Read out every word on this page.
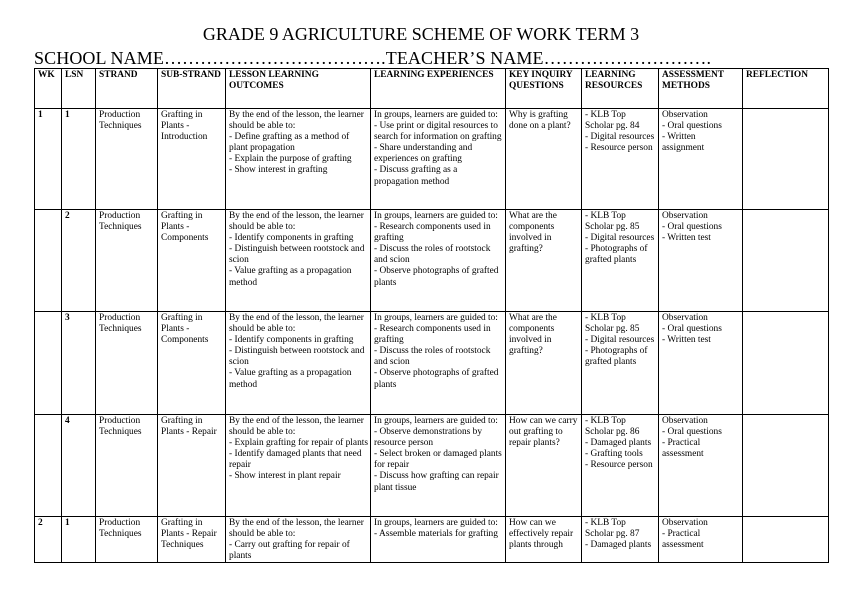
GRADE 9 AGRICULTURE SCHEME OF WORK TERM 3
SCHOOL NAME……………………………….TEACHER’S NAME……………………….
WK	LSN	STRAND	SUB-STRAND	LESSON LEARNING OUTCOMES	LEARNING EXPERIENCES	KEY INQUIRY QUESTIONS	LEARNING RESOURCES	ASSESSMENT METHODS	REFLECTION
1	1	Production Techniques	Grafting in Plants - Introduction	By the end of the lesson, the learner should be able to:
- Define grafting as a method of plant propagation
- Explain the purpose of grafting
- Show interest in grafting	In groups, learners are guided to:
- Use print or digital resources to search for information on grafting
- Share understanding and experiences on grafting
- Discuss grafting as a propagation method	Why is grafting done on a plant?	- KLB Top Scholar pg. 84
- Digital resources
- Resource person	Observation
- Oral questions
- Written assignment	
	2	Production Techniques	Grafting in Plants - Components	By the end of the lesson, the learner should be able to:
- Identify components in grafting
- Distinguish between rootstock and scion
- Value grafting as a propagation method	In groups, learners are guided to:
- Research components used in grafting
- Discuss the roles of rootstock and scion
- Observe photographs of grafted plants	What are the components involved in grafting?	- KLB Top Scholar pg. 85
- Digital resources
- Photographs of grafted plants	Observation
- Oral questions
- Written test	
	3	Production Techniques	Grafting in Plants - Components	By the end of the lesson, the learner should be able to:
- Identify components in grafting
- Distinguish between rootstock and scion
- Value grafting as a propagation method	In groups, learners are guided to:
- Research components used in grafting
- Discuss the roles of rootstock and scion
- Observe photographs of grafted plants	What are the components involved in grafting?	- KLB Top Scholar pg. 85
- Digital resources
- Photographs of grafted plants	Observation
- Oral questions
- Written test	
	4	Production Techniques	Grafting in Plants - Repair	By the end of the lesson, the learner should be able to:
- Explain grafting for repair of plants
- Identify damaged plants that need repair
- Show interest in plant repair	In groups, learners are guided to:
- Observe demonstrations by resource person
- Select broken or damaged plants for repair
- Discuss how grafting can repair plant tissue	How can we carry out grafting to repair plants?	- KLB Top Scholar pg. 86
- Damaged plants
- Grafting tools
- Resource person	Observation
- Oral questions
- Practical assessment	
2	1	Production Techniques	Grafting in Plants - Repair Techniques	By the end of the lesson, the learner should be able to:
- Carry out grafting for repair of plants	In groups, learners are guided to:
- Assemble materials for grafting	How can we effectively repair plants through	- KLB Top Scholar pg. 87
- Damaged plants	Observation
- Practical assessment	
